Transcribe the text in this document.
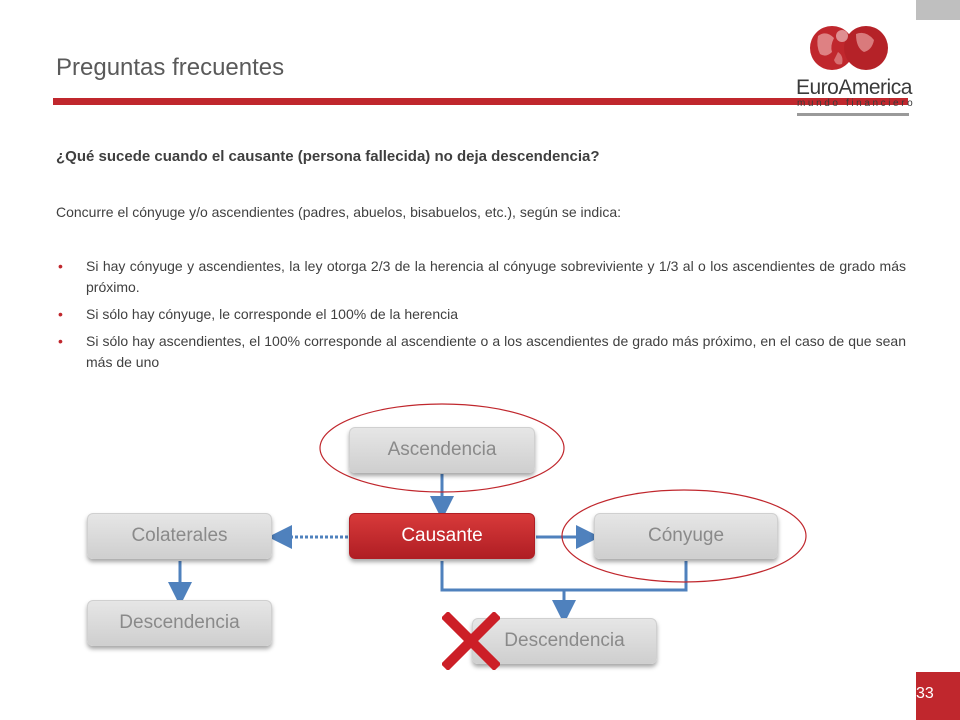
Preguntas frecuentes
EuroAmerica
mundo financiero

¿Qué sucede cuando el causante (persona fallecida) no deja descendencia?

Concurre el cónyuge y/o ascendientes (padres, abuelos, bisabuelos, etc.), según se indica:

• Si hay cónyuge y ascendientes, la ley otorga 2/3 de la herencia al cónyuge sobreviviente y 1/3 al o los ascendientes de grado más próximo.
• Si sólo hay cónyuge, le corresponde el 100% de la herencia
• Si sólo hay ascendientes, el 100% corresponde al ascendiente o a los ascendientes de grado más próximo, en el caso de que sean más de uno
Ascendencia
Causante	Cónyuge
Colaterales
Descendencia
Descendencia
33
